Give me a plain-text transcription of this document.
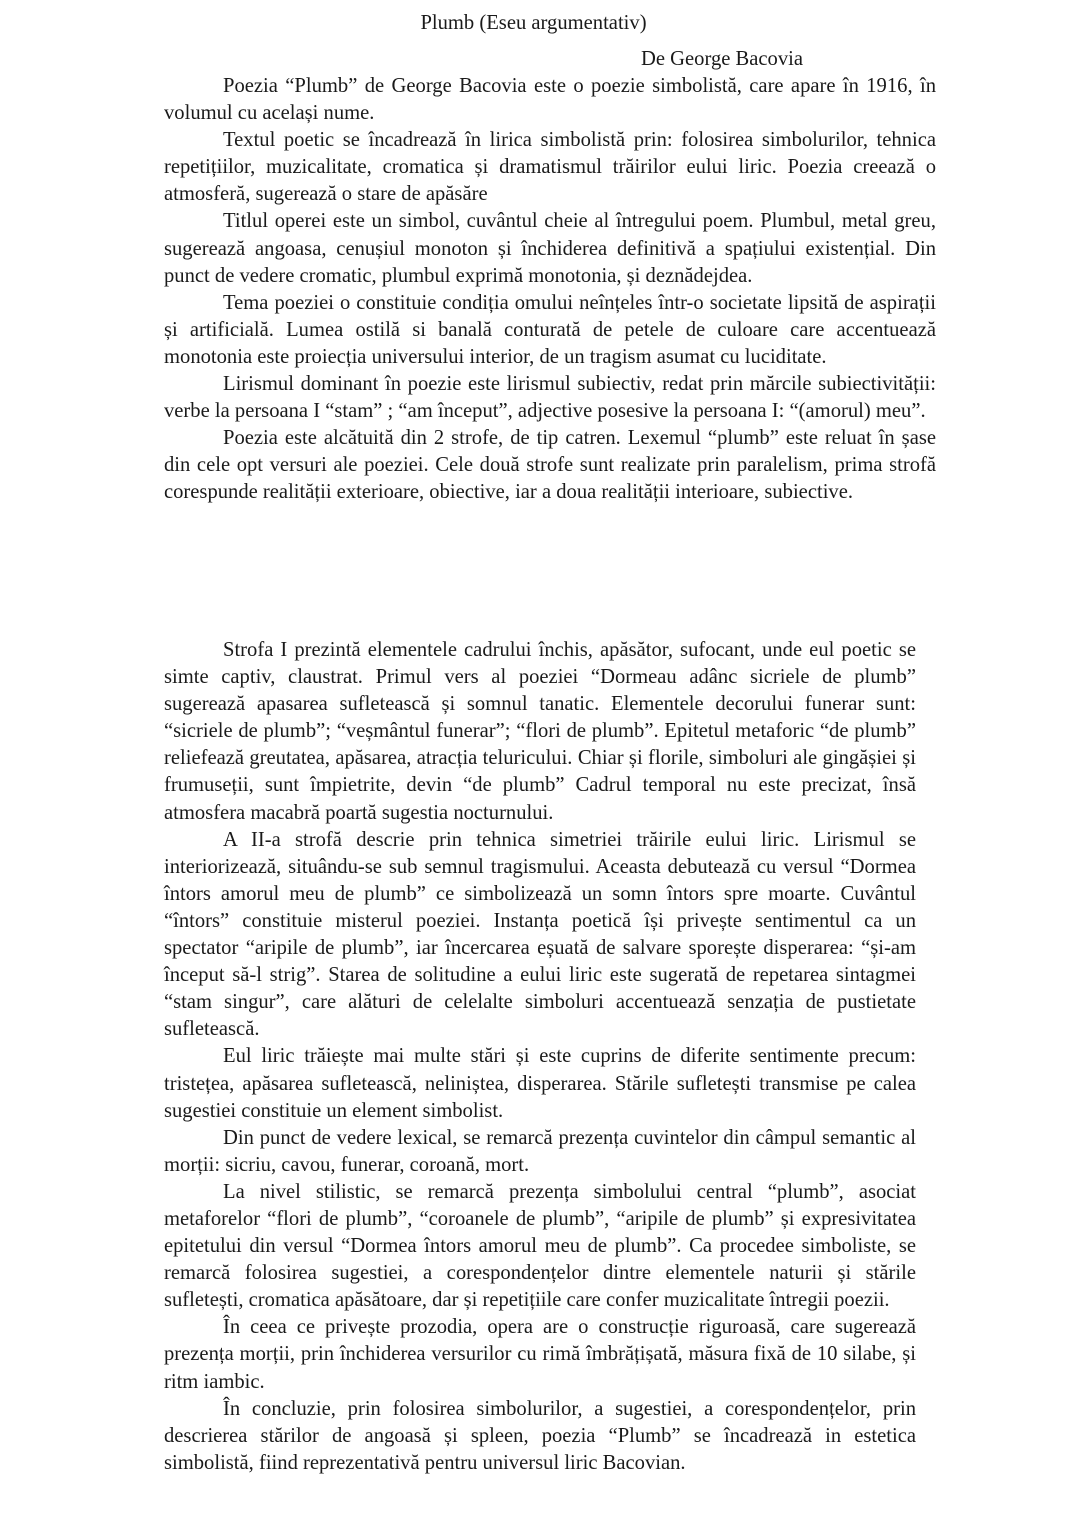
Plumb (Eseu argumentativ)
De George Bacovia

Poezia “Plumb” de George Bacovia este o poezie simbolistă, care apare în 1916, în volumul cu același nume.

Textul poetic se încadrează în lirica simbolistă prin: folosirea simbolurilor, tehnica repetițiilor, muzicalitate, cromatica și dramatismul trăirilor eului liric. Poezia creează o atmosferă, sugerează o stare de apăsăre

Titlul operei este un simbol, cuvântul cheie al întregului poem. Plumbul, metal greu, sugerează angoasa, cenușiul monoton și închiderea definitivă a spațiului existențial. Din punct de vedere cromatic, plumbul exprimă monotonia, și deznădejdea.

Tema poeziei o constituie condiția omului neînțeles într-o societate lipsită de aspirații și artificială. Lumea ostilă si banală conturată de petele de culoare care accentuează monotonia este proiecția universului interior, de un tragism asumat cu luciditate.

Lirismul dominant în poezie este lirismul subiectiv, redat prin mărcile subiectivității: verbe la persoana I “stam” ; “am început”, adjective posesive la persoana I: “(amorul) meu”.

Poezia este alcătuită din 2 strofe, de tip catren. Lexemul “plumb” este reluat în șase din cele opt versuri ale poeziei. Cele două strofe sunt realizate prin paralelism, prima strofă corespunde realității exterioare, obiective, iar a doua realității interioare, subiective.

Strofa I prezintă elementele cadrului închis, apăsător, sufocant, unde eul poetic se simte captiv, claustrat. Primul vers al poeziei “Dormeau adânc sicriele de plumb” sugerează apasarea sufletească și somnul tanatic. Elementele decorului funerar sunt: “sicriele de plumb”; “veșmântul funerar”; “flori de plumb”. Epitetul metaforic “de plumb” reliefează greutatea, apăsarea, atracția teluricului. Chiar și florile, simboluri ale gingășiei și frumuseții, sunt împietrite, devin “de plumb” Cadrul temporal nu este precizat, însă atmosfera macabră poartă sugestia nocturnului.

A II-a strofă descrie prin tehnica simetriei trăirile eului liric. Lirismul se interiorizează, situându-se sub semnul tragismului. Aceasta debutează cu versul “Dormea întors amorul meu de plumb” ce simbolizează un somn întors spre moarte. Cuvântul “întors” constituie misterul poeziei. Instanța poetică își privește sentimentul ca un spectator “aripile de plumb”, iar încercarea eșuată de salvare sporește disperarea: “și-am început să-l strig”. Starea de solitudine a eului liric este sugerată de repetarea sintagmei “stam singur”, care alături de celelalte simboluri accentuează senzația de pustietate sufletească.

Eul liric trăiește mai multe stări și este cuprins de diferite sentimente precum: tristețea, apăsarea sufletească, neliniștea, disperarea. Stările sufletești transmise pe calea sugestiei constituie un element simbolist.

Din punct de vedere lexical, se remarcă prezența cuvintelor din câmpul semantic al morții: sicriu, cavou, funerar, coroană, mort.

La nivel stilistic, se remarcă prezența simbolului central “plumb”, asociat metaforelor “flori de plumb”, “coroanele de plumb”, “aripile de plumb” și expresivitatea epitetului din versul “Dormea întors amorul meu de plumb”. Ca procedee simboliste, se remarcă folosirea sugestiei, a corespondențelor dintre elementele naturii și stările sufletești, cromatica apăsătoare, dar și repetițiile care confer muzicalitate întregii poezii.

În ceea ce privește prozodia, opera are o construcție riguroasă, care sugerează prezența morții, prin închiderea versurilor cu rimă îmbrățișată, măsura fixă de 10 silabe, și ritm iambic.

În concluzie, prin folosirea simbolurilor, a sugestiei, a corespondențelor, prin descrierea stărilor de angoasă și spleen, poezia “Plumb” se încadrează in estetica simbolistă, fiind reprezentativă pentru universul liric Bacovian.
